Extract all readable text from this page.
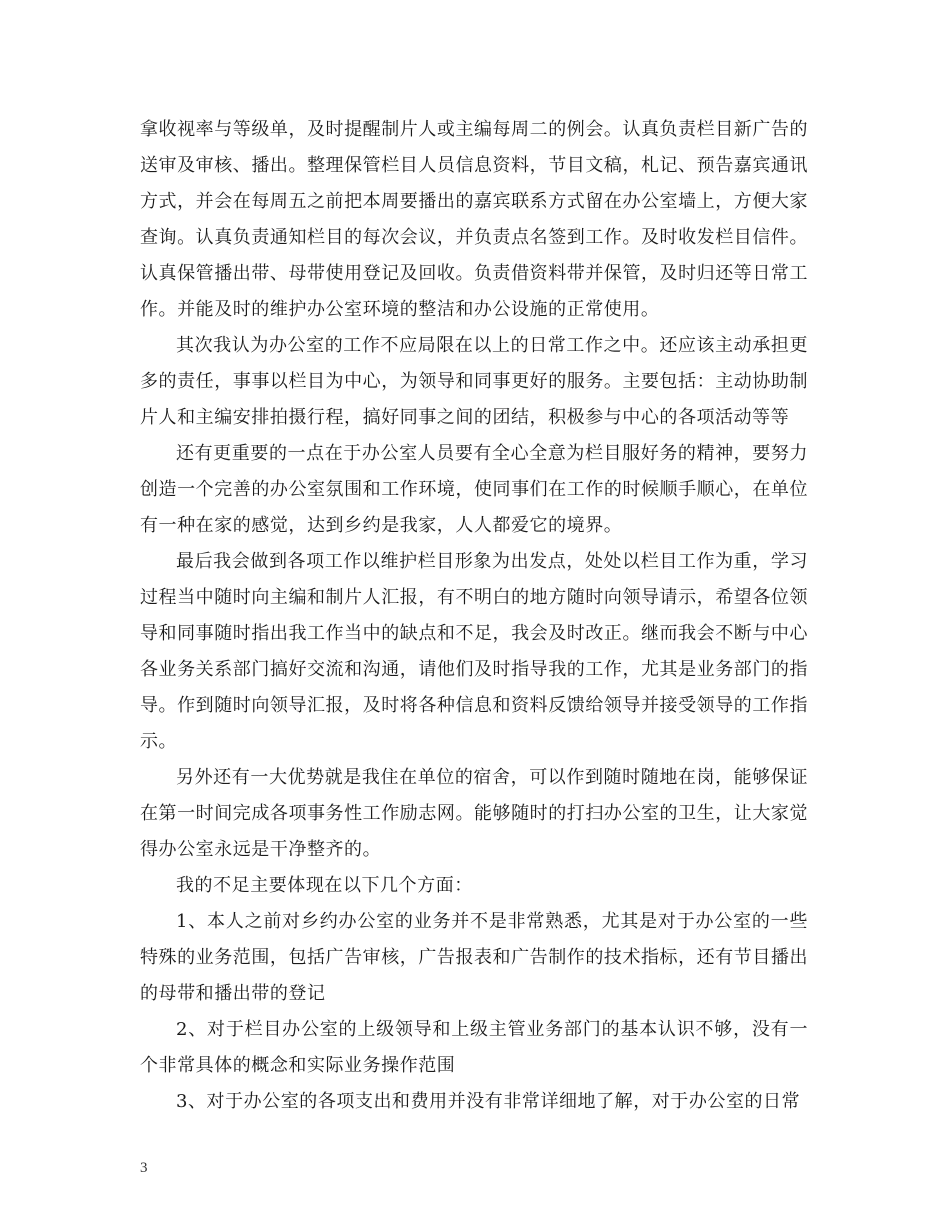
拿收视率与等级单，及时提醒制片人或主编每周二的例会。认真负责栏目新广告的送审及审核、播出。整理保管栏目人员信息资料，节目文稿，札记、预告嘉宾通讯方式，并会在每周五之前把本周要播出的嘉宾联系方式留在办公室墙上，方便大家查询。认真负责通知栏目的每次会议，并负责点名签到工作。及时收发栏目信件。认真保管播出带、母带使用登记及回收。负责借资料带并保管，及时归还等日常工作。并能及时的维护办公室环境的整洁和办公设施的正常使用。

其次我认为办公室的工作不应局限在以上的日常工作之中。还应该主动承担更多的责任，事事以栏目为中心，为领导和同事更好的服务。主要包括：主动协助制片人和主编安排拍摄行程，搞好同事之间的团结，积极参与中心的各项活动等等

还有更重要的一点在于办公室人员要有全心全意为栏目服好务的精神，要努力创造一个完善的办公室氛围和工作环境，使同事们在工作的时候顺手顺心，在单位有一种在家的感觉，达到乡约是我家，人人都爱它的境界。

最后我会做到各项工作以维护栏目形象为出发点，处处以栏目工作为重，学习过程当中随时向主编和制片人汇报，有不明白的地方随时向领导请示，希望各位领导和同事随时指出我工作当中的缺点和不足，我会及时改正。继而我会不断与中心各业务关系部门搞好交流和沟通，请他们及时指导我的工作，尤其是业务部门的指导。作到随时向领导汇报，及时将各种信息和资料反馈给领导并接受领导的工作指示。

另外还有一大优势就是我住在单位的宿舍，可以作到随时随地在岗，能够保证在第一时间完成各项事务性工作励志网。能够随时的打扫办公室的卫生，让大家觉得办公室永远是干净整齐的。

我的不足主要体现在以下几个方面：

1、本人之前对乡约办公室的业务并不是非常熟悉，尤其是对于办公室的一些特殊的业务范围，包括广告审核，广告报表和广告制作的技术指标，还有节目播出的母带和播出带的登记

2、对于栏目办公室的上级领导和上级主管业务部门的基本认识不够，没有一个非常具体的概念和实际业务操作范围

3、对于办公室的各项支出和费用并没有非常详细地了解，对于办公室的日常

3
